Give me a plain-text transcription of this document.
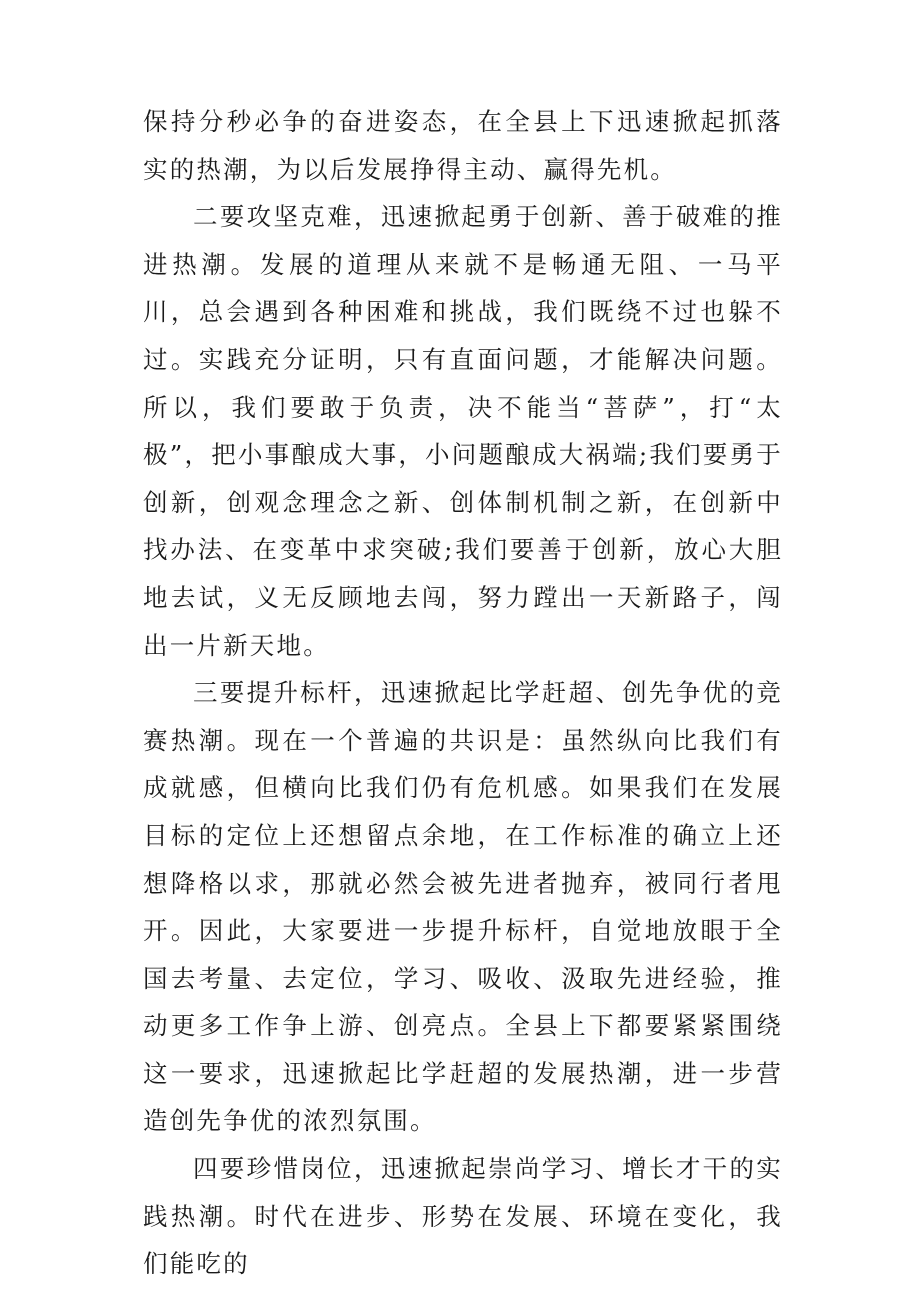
保持分秒必争的奋进姿态，在全县上下迅速掀起抓落实的热潮，为以后发展挣得主动、赢得先机。

二要攻坚克难，迅速掀起勇于创新、善于破难的推进热潮。发展的道理从来就不是畅通无阻、一马平川，总会遇到各种困难和挑战，我们既绕不过也躲不过。实践充分证明，只有直面问题，才能解决问题。所以，我们要敢于负责，决不能当“菩萨”，打“太极”，把小事酿成大事，小问题酿成大祸端;我们要勇于创新，创观念理念之新、创体制机制之新，在创新中找办法、在变革中求突破;我们要善于创新，放心大胆地去试，义无反顾地去闯，努力蹚出一天新路子，闯出一片新天地。

三要提升标杆，迅速掀起比学赶超、创先争优的竞赛热潮。现在一个普遍的共识是：虽然纵向比我们有成就感，但横向比我们仍有危机感。如果我们在发展目标的定位上还想留点余地，在工作标准的确立上还想降格以求，那就必然会被先进者抛弃，被同行者甩开。因此，大家要进一步提升标杆，自觉地放眼于全国去考量、去定位，学习、吸收、汲取先进经验，推动更多工作争上游、创亮点。全县上下都要紧紧围绕这一要求，迅速掀起比学赶超的发展热潮，进一步营造创先争优的浓烈氛围。

四要珍惜岗位，迅速掀起崇尚学习、增长才干的实践热潮。时代在进步、形势在发展、环境在变化，我们能吃的
